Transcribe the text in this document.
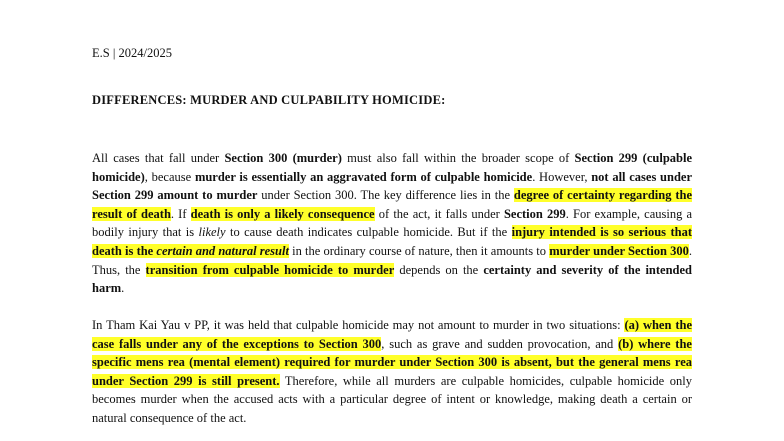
E.S | 2024/2025
DIFFERENCES: MURDER AND CULPABILITY HOMICIDE:
All cases that fall under Section 300 (murder) must also fall within the broader scope of Section 299 (culpable homicide), because murder is essentially an aggravated form of culpable homicide. However, not all cases under Section 299 amount to murder under Section 300. The key difference lies in the degree of certainty regarding the result of death. If death is only a likely consequence of the act, it falls under Section 299. For example, causing a bodily injury that is likely to cause death indicates culpable homicide. But if the injury intended is so serious that death is the certain and natural result in the ordinary course of nature, then it amounts to murder under Section 300. Thus, the transition from culpable homicide to murder depends on the certainty and severity of the intended harm.
In Tham Kai Yau v PP, it was held that culpable homicide may not amount to murder in two situations: (a) when the case falls under any of the exceptions to Section 300, such as grave and sudden provocation, and (b) where the specific mens rea (mental element) required for murder under Section 300 is absent, but the general mens rea under Section 299 is still present. Therefore, while all murders are culpable homicides, culpable homicide only becomes murder when the accused acts with a particular degree of intent or knowledge, making death a certain or natural consequence of the act.
